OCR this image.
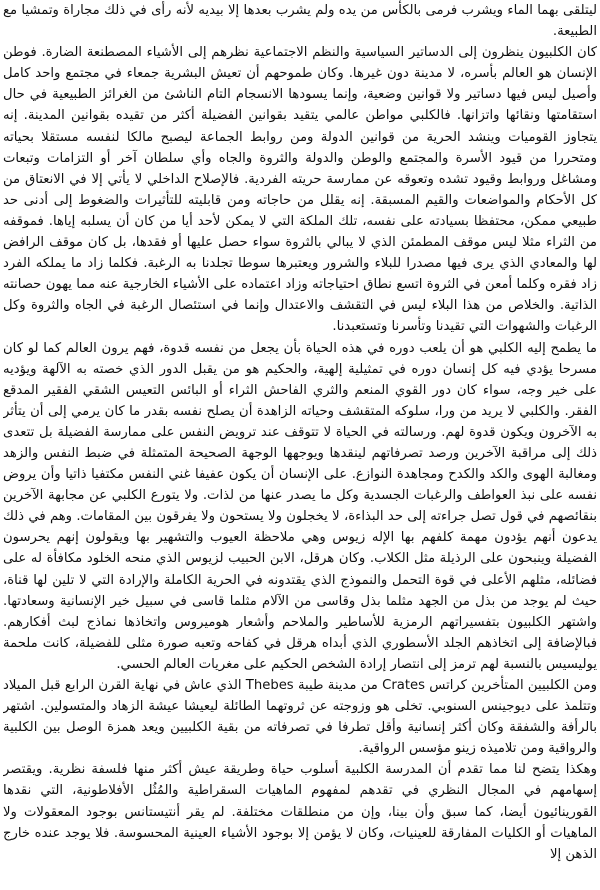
ليتلقى بهما الماء ويشرب فرمى بالكأس من يده ولم يشرب بعدها إلا بيديه لأنه رأى في ذلك مجاراة وتمشيا مع الطبيعة.

كان الكلبيون ينظرون إلى الدساتير السياسية والنظم الاجتماعية نظرهم إلى الأشياء المصطنعة الضارة. فوطن الإنسان هو العالم بأسره، لا مدينة دون غيرها. وكان طموحهم أن تعيش البشرية جمعاء في مجتمع واحد كامل وأصيل ليس فيها دساتير ولا قوانين وضعية، وإنما يسودها الانسجام التام الناشئ من الغرائز الطبيعية في حال استقامتها ونقائها واتزانها. فالكلبي مواطن عالمي يتقيد بقوانين الفضيلة أكثر من تقيده بقوانين المدينة. إنه يتجاوز القوميات وينشد الحرية من قوانين الدولة ومن روابط الجماعة ليصبح مالكا لنفسه مستقلا بحياته ومتحررا من قيود الأسرة والمجتمع والوطن والدولة والثروة والجاه وأي سلطان آخر أو التزامات وتبعات ومشاغل وروابط وقيود تشده وتعوقه عن ممارسة حريته الفردية. فالإصلاح الداخلي لا يأتي إلا في الانعتاق من كل الأحكام والمواضعات والقيم المسبقة. إنه يقلل من حاجاته ومن قابليته للتأثيرات والضغوط إلى أدنى حد طبيعي ممكن، محتفظا بسيادته على نفسه، تلك الملكة التي لا يمكن لأحد أيا من كان أن يسلبه إياها. فموقفه من الثراء مثلا ليس موقف المطمئن الذي لا يبالي بالثروة سواء حصل عليها أو فقدها، بل كان موقف الرافض لها والمعادي الذي يرى فيها مصدرا للبلاء والشرور ويعتبرها سوطا تجلدنا به الرغبة. فكلما زاد ما يملكه الفرد زاد فقره وكلما أمعن في الثروة اتسع نطاق احتياجاته وزاد اعتماده على الأشياء الخارجية عنه مما يهون حصانته الذاتية. والخلاص من هذا البلاء ليس في التقشف والاعتدال وإنما في استئصال الرغبة في الجاه والثروة وكل الرغبات والشهوات التي تقيدنا وتأسرنا وتستعبدنا.

ما يطمح إليه الكلبي هو أن يلعب دوره في هذه الحياة بأن يجعل من نفسه قدوة، فهم يرون العالم كما لو كان مسرحا يؤدي فيه كل إنسان دوره في تمثيلية إلهية، والحكيم هو من يقبل الدور الذي خصته به الآلهة ويؤديه على خير وجه، سواء كان دور القوي المنعم والثري الفاحش الثراء أو البائس التعيس الشقي الفقير المدقع الفقر. والكلبي لا يريد من ورا، سلوكه المتقشف وحياته الزاهدة أن يصلح نفسه بقدر ما كان يرمي إلى أن يتأثر به الآخرون ويكون قدوة لهم. ورسالته في الحياة لا تتوقف عند ترويض النفس على ممارسة الفضيلة بل تتعدى ذلك إلى مراقبة الآخرين ورصد تصرفاتهم لينقدها ويوجهها الوجهة الصحيحة المتمثلة في ضبط النفس والزهد ومغالبة الهوى والكد والكدح ومجاهدة النوازع. على الإنسان أن يكون عفيفا غني النفس مكتفيا ذاتيا وأن يروض نفسه على نبذ العواطف والرغبات الجسدية وكل ما يصدر عنها من لذات. ولا يتورع الكلبي عن مجابهة الآخرين بنقائصهم في قول تصل جراءته إلى حد البذاءة، لا يخجلون ولا يستحون ولا يفرقون بين المقامات. وهم في ذلك يدعون أنهم يؤدون مهمة كلفهم بها الإله زيوس وهي ملاحظة العيوب والتشهير بها ويقولون إنهم يحرسون الفضيلة وينبحون على الرذيلة مثل الكلاب. وكان هرقل، الابن الحبيب لزيوس الذي منحه الخلود مكافأة له على فضائله، مثلهم الأعلى في قوة التحمل والنموذج الذي يقتدونه في الحرية الكاملة والإرادة التي لا تلين لها قناة، حيث لم يوجد من بذل من الجهد مثلما بذل وقاسى من الآلام مثلما قاسى في سبيل خير الإنسانية وسعادتها. واشتهر الكلبيون بتفسيراتهم الرمزية للأساطير والملاحم وأشعار هوميروس واتخاذها نماذج لبث أفكارهم. فبالإضافة إلى اتخاذهم الجلد الأسطوري الذي أبداه هرقل في كفاحه وتعبه صورة مثلى للفضيلة، كانت ملحمة يوليسيس بالنسبة لهم ترمز إلى انتصار إرادة الشخص الحكيم على مغريات العالم الحسي.

ومن الكلبيين المتأخرين كراتس Crates من مدينة طيبة Thebes الذي عاش في نهاية القرن الرابع قبل الميلاد وتتلمذ على ديوجينس السنوبي. تخلى هو وزوجته عن ثروتهما الطائلة ليعيشا عيشة الزهاد والمتسولين. اشتهر بالرأفة والشفقة وكان أكثر إنسانية وأقل تطرفا في تصرفاته من بقية الكلبيين ويعد همزة الوصل بين الكلبية والرواقية ومن تلاميذه زينو مؤسس الرواقية.

وهكذا يتضح لنا مما تقدم أن المدرسة الكلبية أسلوب حياة وطريقة عيش أكثر منها فلسفة نظرية. ويقتصر إسهامهم في المجال النظري في تقدهم لمفهوم الماهيات السقراطية والمُثُل الأفلاطونية، التي نقدها القورينائيون أيضا، كما سبق وأن بينا، وإن من منطلقات مختلفة. لم يقر أنتيستانس بوجود المعقولات ولا الماهيات أو الكليات المفارقة للعينيات، وكان لا يؤمن إلا بوجود الأشياء العينية المحسوسة. فلا يوجد عنده خارج الذهن إلا
